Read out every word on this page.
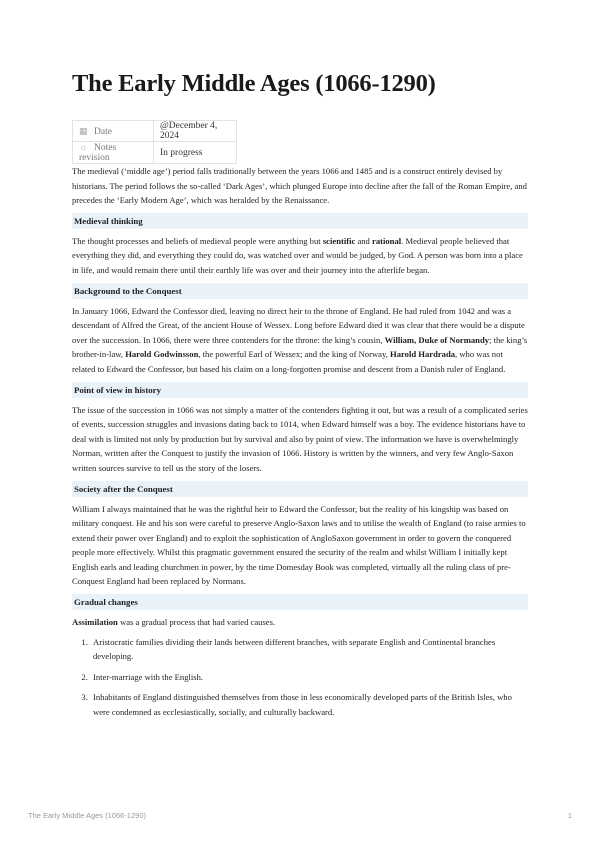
The Early Middle Ages (1066-1290)
▦ Date	@December 4, 2024
☼ Notes revision	In progress

The medieval (‘middle age’) period falls traditionally between the years 1066 and 1485 and is a construct entirely devised by historians. The period follows the so-called ‘Dark Ages’, which plunged Europe into decline after the fall of the Roman Empire, and precedes the ‘Early Modern Age’, which was heralded by the Renaissance.

Medieval thinking

The thought processes and beliefs of medieval people were anything but scientific and rational. Medieval people believed that everything they did, and everything they could do, was watched over and would be judged, by God. A person was born into a place in life, and would remain there until their earthly life was over and their journey into the afterlife began.

Background to the Conquest

In January 1066, Edward the Confessor died, leaving no direct heir to the throne of England. He had ruled from 1042 and was a descendant of Alfred the Great, of the ancient House of Wessex. Long before Edward died it was clear that there would be a dispute over the succession. In 1066, there were three contenders for the throne: the king’s cousin, William, Duke of Normandy; the king’s brother-in-law, Harold Godwinsson, the powerful Earl of Wessex; and the king of Norway, Harold Hardrada, who was not related to Edward the Confessor, but based his claim on a long-forgotten promise and descent from a Danish ruler of England.

Point of view in history

The issue of the succession in 1066 was not simply a matter of the contenders fighting it out, but was a result of a complicated series of events, succession struggles and invasions dating back to 1014, when Edward himself was a boy. The evidence historians have to deal with is limited not only by production but by survival and also by point of view. The information we have is overwhelmingly Norman, written after the Conquest to justify the invasion of 1066. History is written by the winners, and very few Anglo-Saxon written sources survive to tell us the story of the losers.

Society after the Conquest

William I always maintained that he was the rightful heir to Edward the Confessor, but the reality of his kingship was based on military conquest. He and his son were careful to preserve Anglo-Saxon laws and to utilise the wealth of England (to raise armies to extend their power over England) and to exploit the sophistication of AngloSaxon government in order to govern the conquered people more effectively. Whilst this pragmatic government ensured the security of the realm and whilst William I initially kept English earls and leading churchmen in power, by the time Domesday Book was completed, virtually all the ruling class of pre-Conquest England had been replaced by Normans.

Gradual changes

Assimilation was a gradual process that had varied causes.

1. Aristocratic families dividing their lands between different branches, with separate English and Continental branches developing.
2. Inter-marriage with the English.
3. Inhabitants of England distinguished themselves from those in less economically developed parts of the British Isles, who were condemned as ecclesiastically, socially, and culturally backward.
The Early Middle Ages (1066-1290)	1
